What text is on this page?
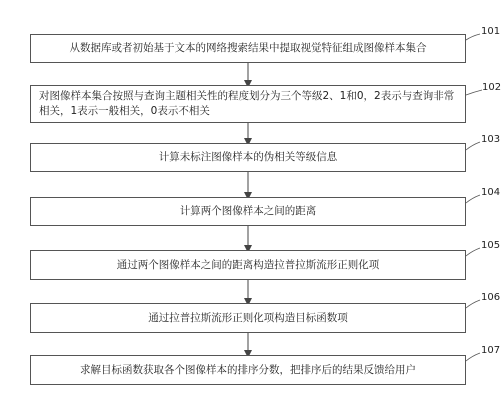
从数据库或者初始基于文本的网络搜索结果中提取视觉特征组成图像样本集合
101
对图像样本集合按照与查询主题相关性的程度划分为三个等级2、1和0，2表示与查询非常相关，1表示一般相关，0表示不相关
102
计算未标注图像样本的伪相关等级信息
103
计算两个图像样本之间的距离
104
通过两个图像样本之间的距离构造拉普拉斯流形正则化项
105
通过拉普拉斯流形正则化项构造目标函数项
106
求解目标函数获取各个图像样本的排序分数，把排序后的结果反馈给用户
107
